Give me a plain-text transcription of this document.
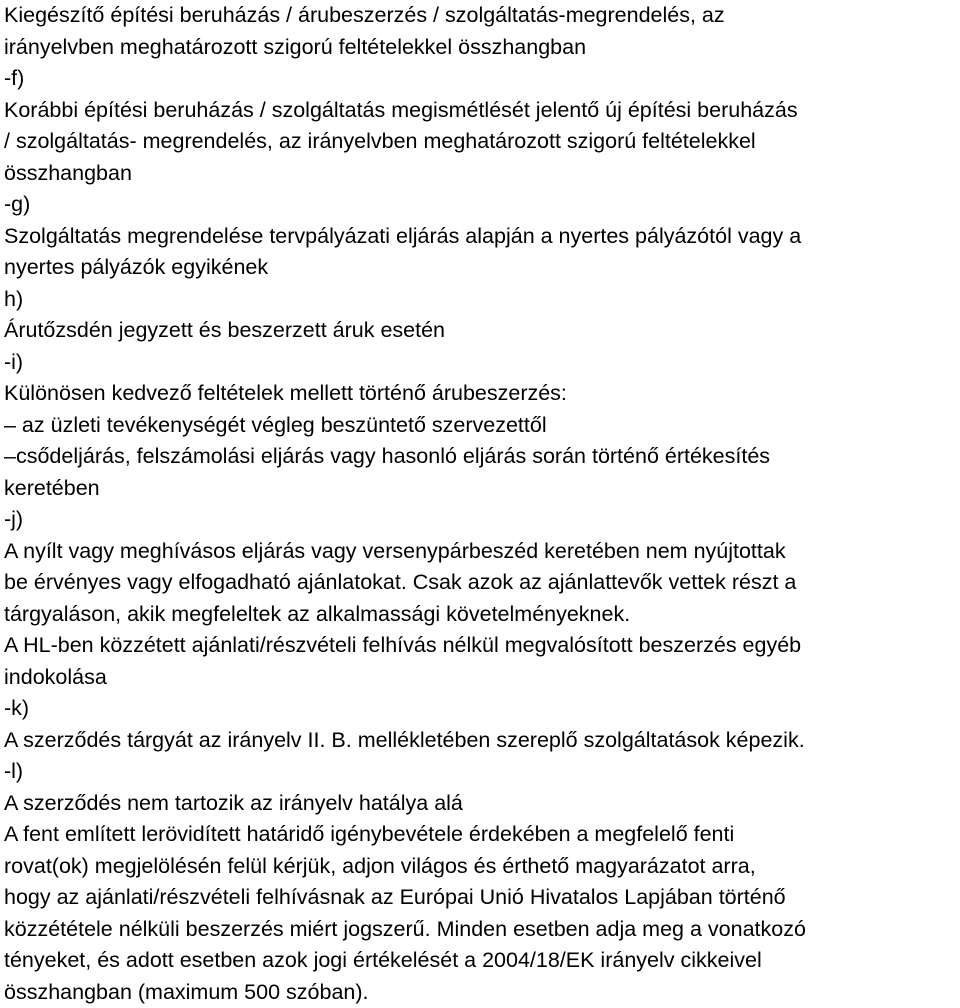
Kiegészítő építési beruházás / árubeszerzés / szolgáltatás-megrendelés, az
irányelvben meghatározott szigorú feltételekkel összhangban
-f)
Korábbi építési beruházás / szolgáltatás megismétlését jelentő új építési beruházás
/ szolgáltatás- megrendelés, az irányelvben meghatározott szigorú feltételekkel
összhangban
-g)
Szolgáltatás megrendelése tervpályázati eljárás alapján a nyertes pályázótól vagy a
nyertes pályázók egyikének
h)
Árutőzsdén jegyzett és beszerzett áruk esetén
-i)
Különösen kedvező feltételek mellett történő árubeszerzés:
– az üzleti tevékenységét végleg beszüntető szervezettől
–csődeljárás, felszámolási eljárás vagy hasonló eljárás során történő értékesítés
keretében
-j)
A nyílt vagy meghívásos eljárás vagy versenypárbeszéd keretében nem nyújtottak
be érvényes vagy elfogadható ajánlatokat. Csak azok az ajánlattevők vettek részt a
tárgyaláson, akik megfeleltek az alkalmassági követelményeknek.
A HL-ben közzétett ajánlati/részvételi felhívás nélkül megvalósított beszerzés egyéb
indokolása
-k)
A szerződés tárgyát az irányelv II. B. mellékletében szereplő szolgáltatások képezik.
-l)
A szerződés nem tartozik az irányelv hatálya alá
A fent említett lerövidített határidő igénybevétele érdekében a megfelelő fenti
rovat(ok) megjelölésén felül kérjük, adjon világos és érthető magyarázatot arra,
hogy az ajánlati/részvételi felhívásnak az Európai Unió Hivatalos Lapjában történő
közzététele nélküli beszerzés miért jogszerű. Minden esetben adja meg a vonatkozó
tényeket, és adott esetben azok jogi értékelését a 2004/18/EK irányelv cikkeivel
összhangban (maximum 500 szóban).
